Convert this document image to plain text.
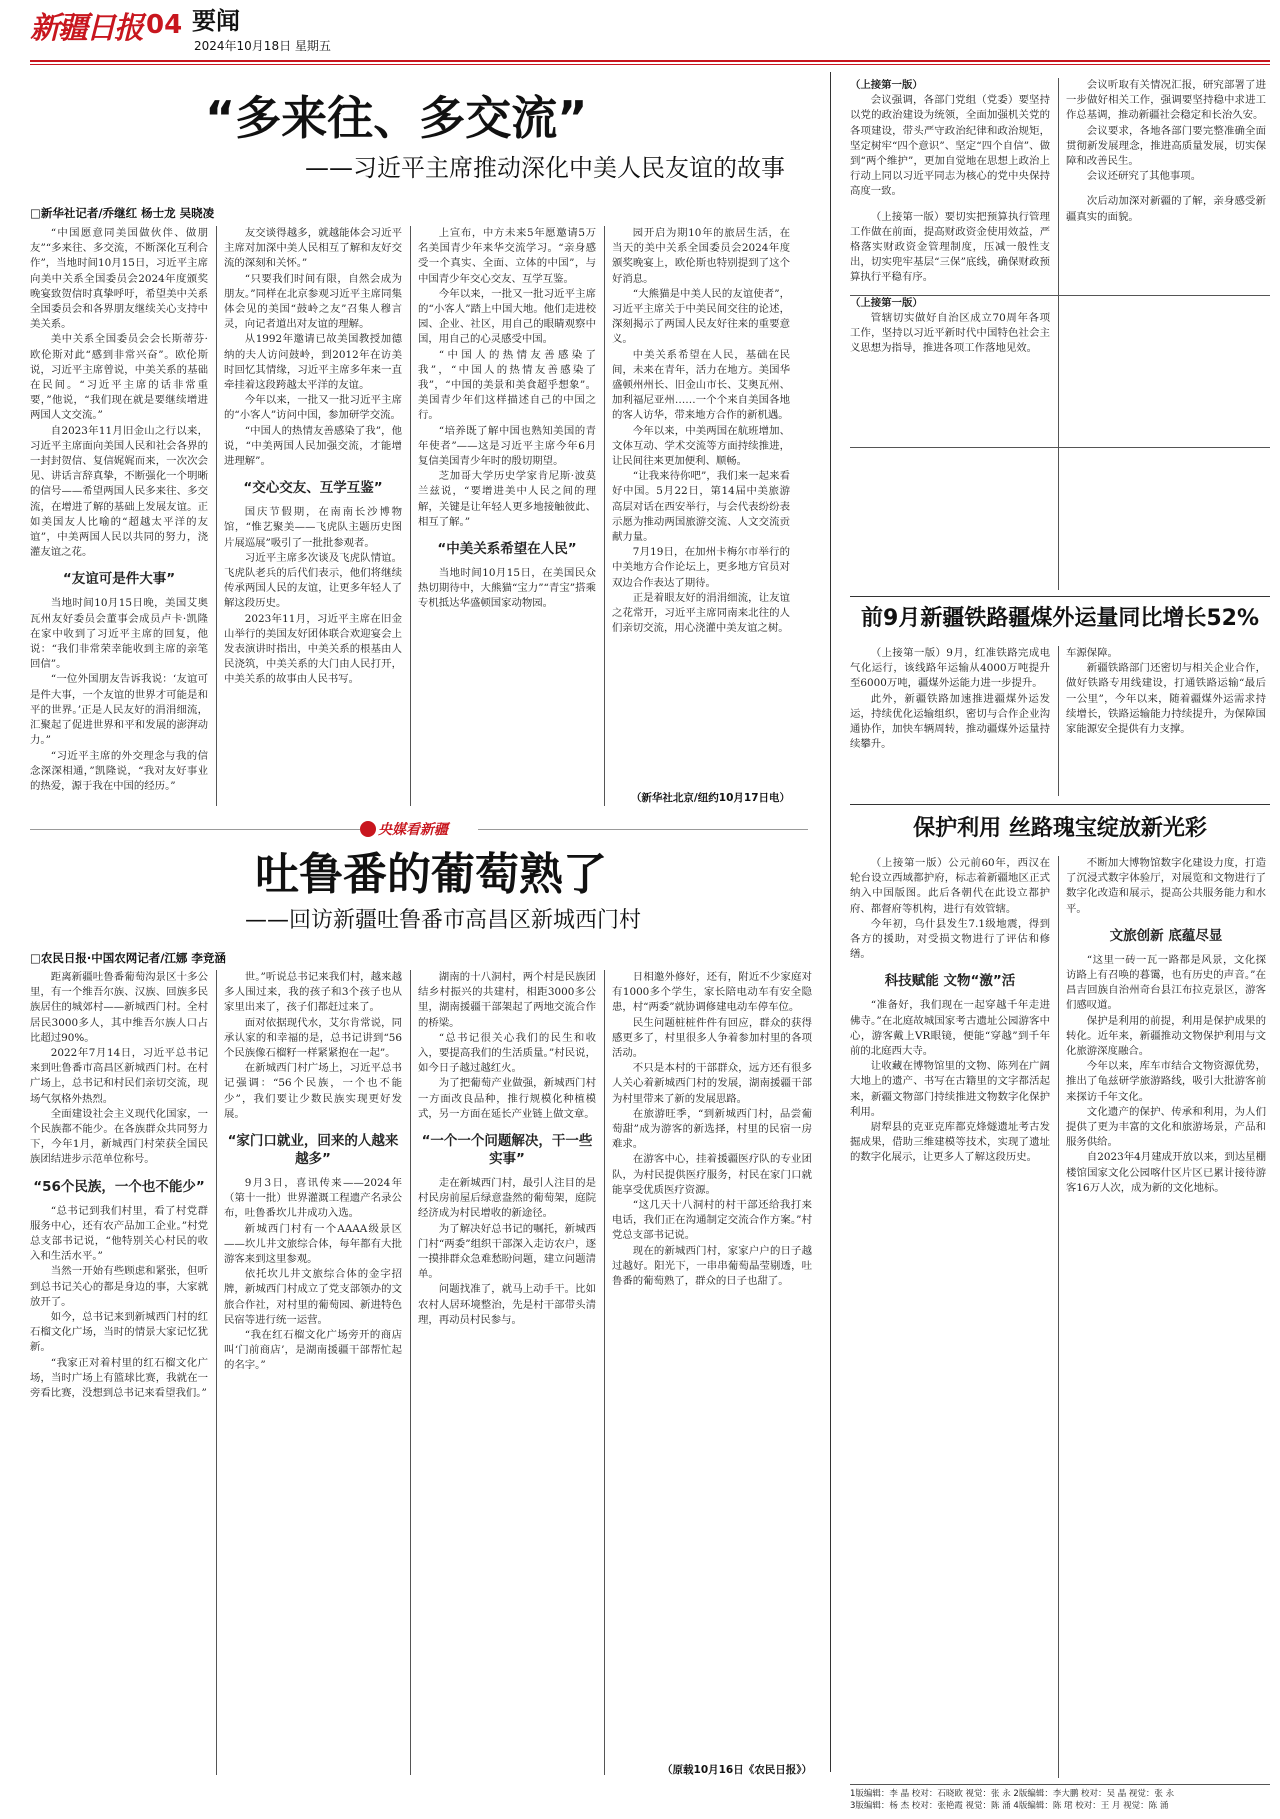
新疆日报 04 要闻
2024年10月18日 星期五
“多来往、多交流”
——习近平主席推动深化中美人民友谊的故事
□新华社记者/乔继红 杨士龙 吴晓凌

“中国愿意同美国做伙伴、做朋友”“多来往、多交流，不断深化互利合作”，当地时间10月15日，习近平主席向美中关系全国委员会2024年度颁奖晚宴致贺信时真挚呼吁，希望美中关系全国委员会和各界朋友继续关心支持中美关系。

美中关系全国委员会会长斯蒂芬·欧伦斯对此“感到非常兴奋”。欧伦斯说，习近平主席曾说，中美关系的基础在民间。“习近平主席的话非常重要，”他说，“我们现在就是要继续增进两国人文交流。”

自2023年11月旧金山之行以来，习近平主席面向美国人民和社会各界的一封封贺信、复信娓娓而来，一次次会见、讲话言辞真挚，不断强化一个明晰的信号——希望两国人民多来往、多交流，在增进了解的基础上发展友谊。正如美国友人比喻的“超越太平洋的友谊”，中美两国人民以共同的努力，浇灌友谊之花。

“友谊可是件大事”

当地时间10月15日晚，美国艾奥瓦州友好委员会董事会成员卢卡·凯隆在家中收到了习近平主席的回复，他说：“我们非常荣幸能收到主席的亲笔回信”。

“一位外国朋友告诉我说：‘友谊可是件大事，一个友谊的世界才可能是和平的世界。’正是人民友好的涓涓细流，汇聚起了促进世界和平和发展的澎湃动力。”

“习近平主席的外交理念与我的信念深深相通，”凯隆说，“我对友好事业的热爱，源于我在中国的经历。”

友交谈得越多，就越能体会习近平主席对加深中美人民相互了解和友好交流的深刻和关怀。”

“只要我们时间有限，自然会成为朋友。”同样在北京参观习近平主席同集体会见的美国“鼓岭之友”召集人穆言灵，向记者道出对友谊的理解。

从1992年邀请已故美国教授加德纳的夫人访问鼓岭，到2012年在访美时回忆其情缘，习近平主席多年来一直牵挂着这段跨越太平洋的友谊。

今年以来，一批又一批习近平主席的“小客人”访问中国，参加研学交流。

“中国人的热情友善感染了我”，他说，“中美两国人民加强交流，才能增进理解”。

“交心交友、互学互鉴”

国庆节假期，在南南长沙博物馆，“惟艺聚美——飞虎队主题历史图片展巡展”吸引了一批批参观者。

习近平主席多次谈及飞虎队情谊。飞虎队老兵的后代们表示，他们将继续传承两国人民的友谊，让更多年轻人了解这段历史。

2023年11月，习近平主席在旧金山举行的美国友好团体联合欢迎宴会上发表演讲时指出，中美关系的根基由人民浇筑，中美关系的大门由人民打开，中美关系的故事由人民书写。

上宣布，中方未来5年愿邀请5万名美国青少年来华交流学习。“亲身感受一个真实、全面、立体的中国”，与中国青少年交心交友、互学互鉴。

今年以来，一批又一批习近平主席的“小客人”踏上中国大地。他们走进校园、企业、社区，用自己的眼睛观察中国，用自己的心灵感受中国。

“中国人的热情友善感染了我”，“中国人的热情友善感染了我”，“中国的美景和美食超乎想象”。美国青少年们这样描述自己的中国之行。

“培养既了解中国也熟知美国的青年使者”——这是习近平主席今年6月复信美国青少年时的殷切期望。

芝加哥大学历史学家肯尼斯·波莫兰兹说，“要增进美中人民之间的理解，关键是让年轻人更多地接触彼此、相互了解。”

“中美关系希望在人民”

当地时间10月15日，在美国民众热切期待中，大熊猫“宝力”“青宝”搭乘专机抵达华盛顿国家动物园。

园开启为期10年的旅居生活，在当天的美中关系全国委员会2024年度颁奖晚宴上，欧伦斯也特别提到了这个好消息。

“大熊猫是中美人民的友谊使者”，习近平主席关于中美民间交往的论述，深刻揭示了两国人民友好往来的重要意义。

中美关系希望在人民，基础在民间，未来在青年，活力在地方。美国华盛顿州州长、旧金山市长、艾奥瓦州、加利福尼亚州……一个个来自美国各地的客人访华，带来地方合作的新机遇。

今年以来，中美两国在航班增加、文体互动、学术交流等方面持续推进，让民间往来更加便利、顺畅。

“让我来待你吧”，我们来一起来看好中国。5月22日，第14届中美旅游高层对话在西安举行，与会代表纷纷表示愿为推动两国旅游交流、人文交流贡献力量。

7月19日，在加州卡梅尔市举行的中美地方合作论坛上，更多地方官员对双边合作表达了期待。

正是着眼友好的涓涓细流，让友谊之花常开，习近平主席同南来北往的人们亲切交流，用心浇灌中美友谊之树。

（新华社北京/纽约10月17日电）

（上接第一版）

会议强调，各部门党组（党委）要坚持以党的政治建设为统领，全面加强机关党的各项建设，带头严守政治纪律和政治规矩，坚定树牢“四个意识”、坚定“四个自信”、做到“两个维护”，更加自觉地在思想上政治上行动上同以习近平同志为核心的党中央保持高度一致。

（上接第一版）要切实把预算执行管理工作做在前面，提高财政资金使用效益，严格落实财政资金管理制度，压减一般性支出，切实兜牢基层“三保”底线，确保财政预算执行平稳有序。

（上接第一版）

管辖切实做好自治区成立70周年各项工作，坚持以习近平新时代中国特色社会主义思想为指导，推进各项工作落地见效。

会议听取有关情况汇报，研究部署了进一步做好相关工作，强调要坚持稳中求进工作总基调，推动新疆社会稳定和长治久安。

会议要求，各地各部门要完整准确全面贯彻新发展理念，推进高质量发展，切实保障和改善民生。

会议还研究了其他事项。

次后动加深对新疆的了解，亲身感受新疆真实的面貌。

前9月新疆铁路疆煤外运量同比增长52%

（上接第一版）9月，红准铁路完成电气化运行，该线路年运输从4000万吨提升至6000万吨，疆煤外运能力进一步提升。

此外，新疆铁路加速推进疆煤外运发运，持续优化运输组织，密切与合作企业沟通协作，加快车辆周转，推动疆煤外运量持续攀升。

车源保障。

新疆铁路部门还密切与相关企业合作，做好铁路专用线建设，打通铁路运输“最后一公里”，今年以来，随着疆煤外运需求持续增长，铁路运输能力持续提升，为保障国家能源安全提供有力支撑。

保护利用 丝路瑰宝绽放新光彩

（上接第一版）公元前60年，西汉在轮台设立西域都护府，标志着新疆地区正式纳入中国版图。此后各朝代在此设立都护府、都督府等机构，进行有效管辖。

今年初，乌什县发生7.1级地震，得到各方的援助，对受损文物进行了评估和修缮。

科技赋能 文物“激”活

“准备好，我们现在一起穿越千年走进佛寺。”在北庭故城国家考古遗址公园游客中心，游客戴上VR眼镜，便能“穿越”到千年前的北庭西大寺。

让收藏在博物馆里的文物、陈列在广阔大地上的遗产、书写在古籍里的文字都活起来，新疆文物部门持续推进文物数字化保护利用。

尉犁县的克亚克库都克烽燧遗址考古发掘成果，借助三维建模等技术，实现了遗址的数字化展示，让更多人了解这段历史。

不断加大博物馆数字化建设力度，打造了沉浸式数字体验厅，对展览和文物进行了数字化改造和展示，提高公共服务能力和水平。

文旅创新 底蕴尽显

“这里一砖一瓦一路都是风景，文化探访路上有召唤的暮霭，也有历史的声音。”在昌吉回族自治州奇台县江布拉克景区，游客们感叹道。

保护是利用的前提，利用是保护成果的转化。近年来，新疆推动文物保护利用与文化旅游深度融合。

今年以来，库车市结合文物资源优势，推出了龟兹研学旅游路线，吸引大批游客前来探访千年文化。

文化遗产的保护、传承和利用，为人们提供了更为丰富的文化和旅游场景，产品和服务供给。

自2023年4月建成开放以来，到达星棚楼馆国家文化公园喀什区片区已累计接待游客16万人次，成为新的文化地标。

央媒看新疆
吐鲁番的葡萄熟了
——回访新疆吐鲁番市高昌区新城西门村
□农民日报·中国农网记者/江娜 李竞涵

距离新疆吐鲁番葡萄沟景区十多公里，有一个维吾尔族、汉族、回族多民族居住的城郊村——新城西门村。全村居民3000多人，其中维吾尔族人口占比超过90%。

2022年7月14日，习近平总书记来到吐鲁番市高昌区新城西门村。在村广场上，总书记和村民们亲切交流，现场气氛格外热烈。

全面建设社会主义现代化国家，一个民族都不能少。在各族群众共同努力下，今年1月，新城西门村荣获全国民族团结进步示范单位称号。

“56个民族，一个也不能少”

“总书记到我们村里，看了村党群服务中心，还有农产品加工企业。”村党总支部书记说，“他特别关心村民的收入和生活水平。”

当然一开始有些顾虑和紧张，但听到总书记关心的都是身边的事，大家就放开了。

如今，总书记来到新城西门村的红石榴文化广场，当时的情景大家记忆犹新。

“我家正对着村里的红石榴文化广场，当时广场上有篮球比赛，我就在一旁看比赛，没想到总书记来看望我们。”

世。”听说总书记来我们村，越来越多人围过来，我的孩子和3个孩子也从家里出来了，孩子们都赶过来了。

面对依据现代水，艾尔肯常说，同承认家的和幸福的是，总书记讲到“56个民族像石榴籽一样紧紧抱在一起”。

在新城西门村广场上，习近平总书记强调：“56个民族，一个也不能少”，我们要让少数民族实现更好发展。

“家门口就业，回来的人越来越多”

9月3日，喜讯传来——2024年（第十一批）世界灌溉工程遗产名录公布，吐鲁番坎儿井成功入选。

新城西门村有一个AAAA级景区——坎儿井文旅综合体，每年都有大批游客来到这里参观。

依托坎儿井文旅综合体的金字招牌，新城西门村成立了党支部领办的文旅合作社，对村里的葡萄园、新进特色民宿等进行统一运营。

“我在红石榴文化广场旁开的商店叫‘门前商店’，是湖南援疆干部帮忙起的名字。”

湖南的十八洞村，两个村是民族团结乡村振兴的共建村，相距3000多公里，湖南援疆干部架起了两地交流合作的桥梁。

“总书记很关心我们的民生和收入，要提高我们的生活质量。”村民说，如今日子越过越红火。

为了把葡萄产业做强，新城西门村一方面改良品种，推行规模化种植模式，另一方面在延长产业链上做文章。

“一个一个问题解决，干一些实事”

走在新城西门村，最引人注目的是村民房前屋后绿意盎然的葡萄架，庭院经济成为村民增收的新途径。

为了解决好总书记的嘱托，新城西门村“两委”组织干部深入走访农户，逐一摸排群众急难愁盼问题，建立问题清单。

问题找准了，就马上动手干。比如农村人居环境整治，先是村干部带头清理，再动员村民参与。

日相邀外修好，还有，附近不少家庭对有1000多个学生，家长陪电动车有安全隐患，村“两委”就协调修建电动车停车位。

民生问题桩桩件件有回应，群众的获得感更多了，村里很多人争着参加村里的各项活动。

不只是本村的干部群众，远方还有很多人关心着新城西门村的发展，湖南援疆干部为村里带来了新的发展思路。

在旅游旺季，“到新城西门村，品尝葡萄甜”成为游客的新选择，村里的民宿一房难求。

在游客中心，挂着援疆医疗队的专业团队，为村民提供医疗服务，村民在家门口就能享受优质医疗资源。

“这几天十八洞村的村干部还给我打来电话，我们正在沟通制定交流合作方案。”村党总支部书记说。

现在的新城西门村，家家户户的日子越过越好。阳光下，一串串葡萄晶莹剔透，吐鲁番的葡萄熟了，群众的日子也甜了。

（原载10月16日《农民日报》）
1版编辑：李 晶 校对：石晓欧 视觉：张 永 2版编辑：李大鹏 校对：吴 晶 视觉：张 永
3版编辑：杨 杰 校对：张艳霞 视觉：陈 涌 4版编辑：陈 珺 校对：王 月 视觉：陈 涌
